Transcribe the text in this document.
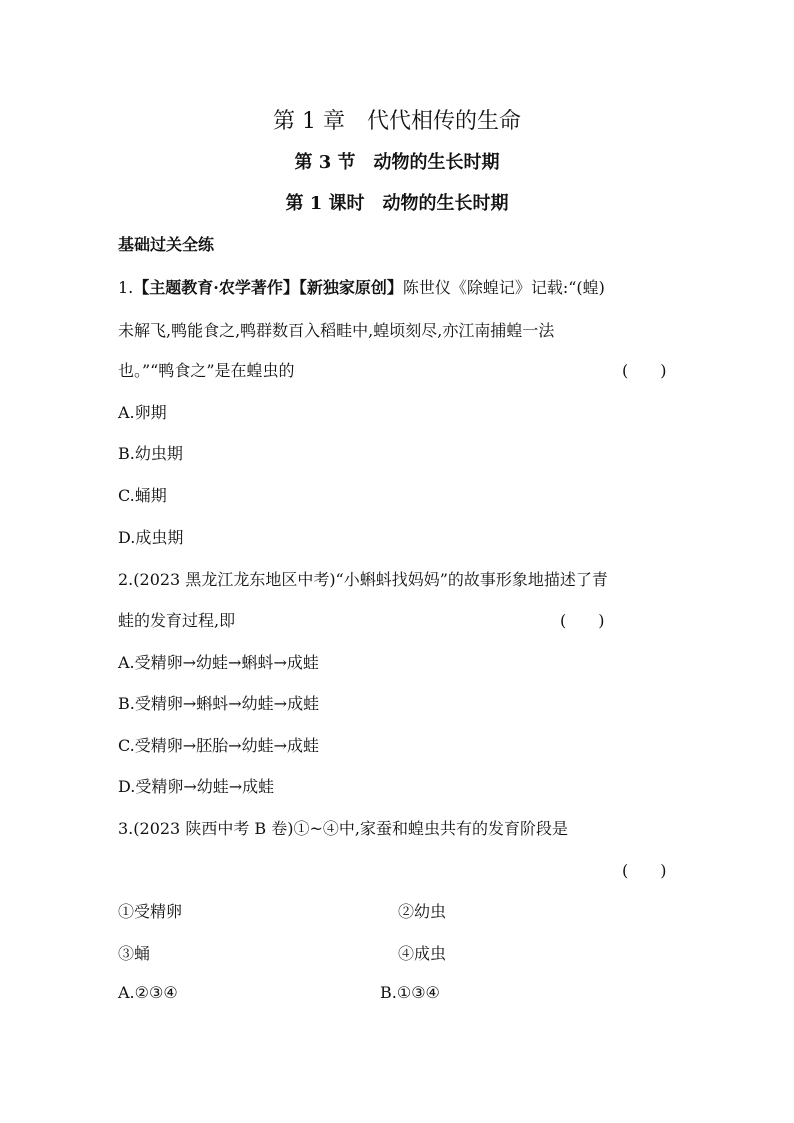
第 1 章　代代相传的生命
第 3 节　动物的生长时期
第 1 课时　动物的生长时期
基础过关全练
1.【主题教育·农学著作】【新独家原创】陈世仪《除蝗记》记载:“(蝗)
未解飞,鸭能食之,鸭群数百入稻畦中,蝗顷刻尽,亦江南捕蝗一法
也。”“鸭食之”是在蝗虫的	(　　)
A.卵期
B.幼虫期
C.蛹期
D.成虫期
2.(2023 黑龙江龙东地区中考)“小蝌蚪找妈妈”的故事形象地描述了青
蛙的发育过程,即	(　　)
A.受精卵→幼蛙→蝌蚪→成蛙
B.受精卵→蝌蚪→幼蛙→成蛙
C.受精卵→胚胎→幼蛙→成蛙
D.受精卵→幼蛙→成蛙
3.(2023 陕西中考 B 卷)①~④中,家蚕和蝗虫共有的发育阶段是
(　　)
①受精卵	②幼虫
③蛹	④成虫
A.②③④	B.①③④
